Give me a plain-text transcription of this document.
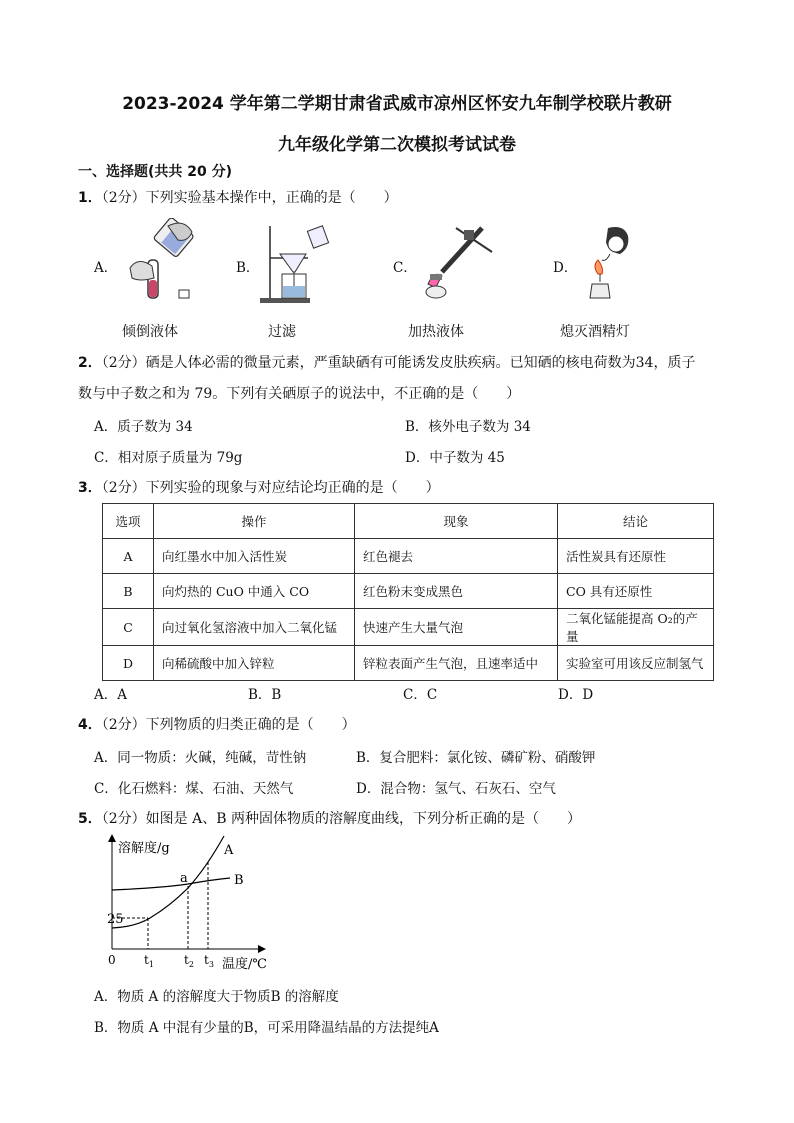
2023-2024 学年第二学期甘肃省武威市凉州区怀安九年制学校联片教研
九年级化学第二次模拟考试试卷
一、选择题(共共 20 分)
1．（2分）下列实验基本操作中，正确的是（　　）
A．
倾倒液体
B．
过滤
C．
加热液体
D．
熄灭酒精灯
2．（2分）硒是人体必需的微量元素，严重缺硒有可能诱发皮肤疾病。已知硒的核电荷数为34，质子
数与中子数之和为 79。下列有关硒原子的说法中，不正确的是（　　）
A．质子数为 34	B．核外电子数为 34
C．相对原子质量为 79g	D．中子数为 45
3．（2分）下列实验的现象与对应结论均正确的是（　　）
选项	操作	现象	结论
A	向红墨水中加入活性炭	红色褪去	活性炭具有还原性
B	向灼热的 CuO 中通入 CO	红色粉末变成黑色	CO 具有还原性
C	向过氧化氢溶液中加入二氧化锰	快速产生大量气泡	二氧化锰能提高 O₂的产量
D	向稀硫酸中加入锌粒	锌粒表面产生气泡，且速率适中	实验室可用该反应制氢气
A．A	B．B	C．C	D．D
4．（2分）下列物质的归类正确的是（　　）
A．同一物质：火碱，纯碱，苛性钠	B．复合肥料：氯化铵、磷矿粉、硝酸钾
C．化石燃料：煤、石油、天然气	D．混合物：氢气、石灰石、空气
5．（2分）如图是 A、B 两种固体物质的溶解度曲线，下列分析正确的是（　　）
溶解度/g
温度/℃
0
25
$t_1$	$t_2$ $t_3$
a
A
B
A．物质 A 的溶解度大于物质B 的溶解度
B．物质 A 中混有少量的B，可采用降温结晶的方法提纯A
